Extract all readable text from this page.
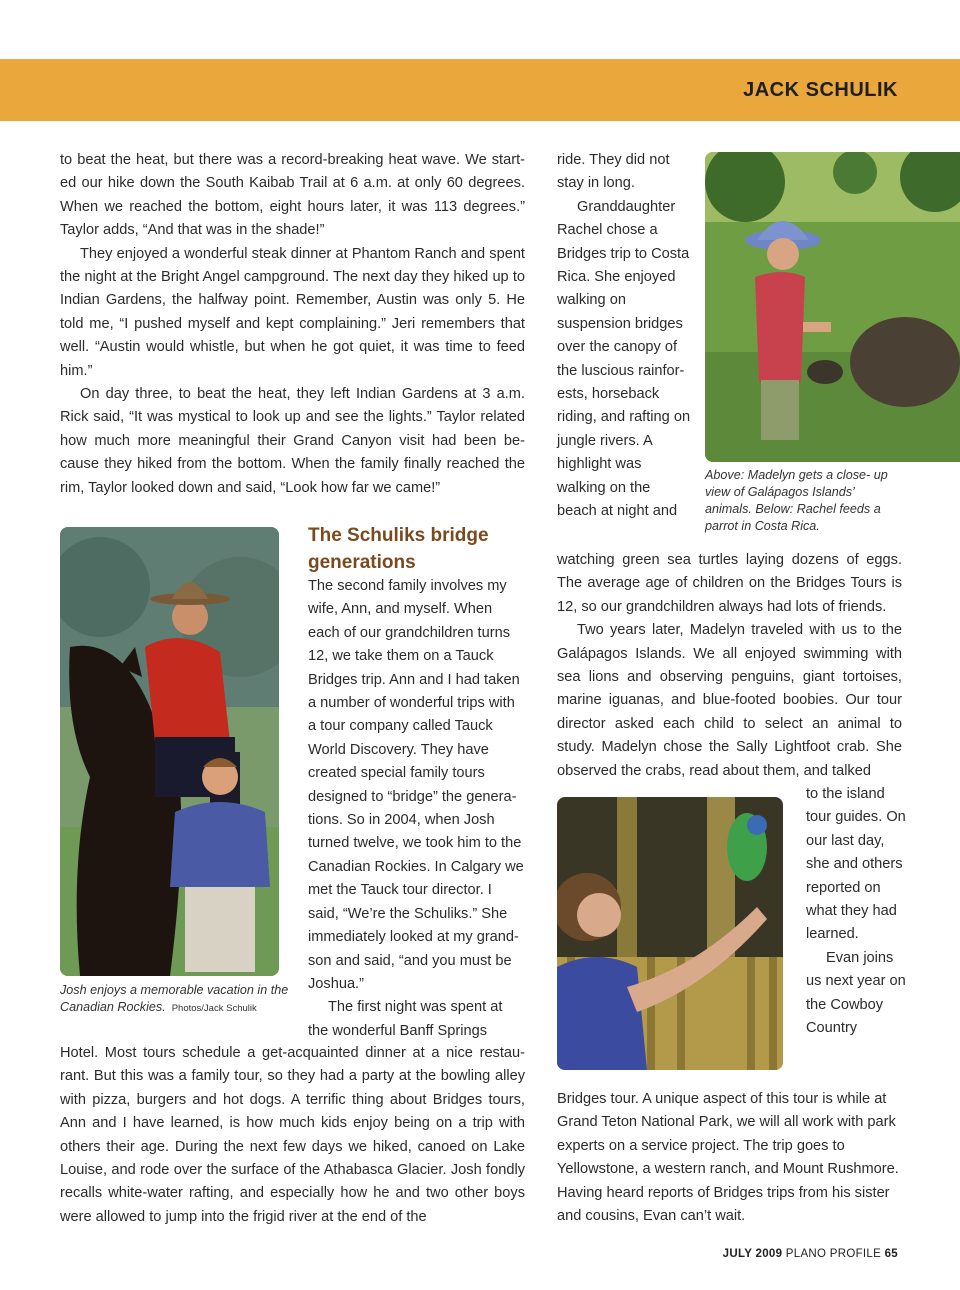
JACK SCHULIK

to beat the heat, but there was a record-breaking heat wave. We start- ed our hike down the South Kaibab Trail at 6 a.m. at only 60 degrees. When we reached the bottom, eight hours later, it was 113 degrees.” Taylor adds, “And that was in the shade!”

They enjoyed a wonderful steak dinner at Phantom Ranch and spent the night at the Bright Angel campground. The next day they hiked up to Indian Gardens, the halfway point. Remember, Austin was only 5. He told me, “I pushed myself and kept complaining.” Jeri remembers that well. “Austin would whistle, but when he got quiet, it was time to feed him.”

On day three, to beat the heat, they left Indian Gardens at 3 a.m. Rick said, “It was mystical to look up and see the lights.” Taylor related how much more meaningful their Grand Canyon visit had been be- cause they hiked from the bottom. When the family finally reached the rim, Taylor looked down and said, “Look how far we came!”

Josh enjoys a memorable vacation in the Canadian Rockies. Photos/Jack Schulik
The Schuliks bridge generations

The second family involves my wife, Ann, and myself. When each of our grandchildren turns 12, we take them on a Tauck Bridges trip. Ann and I had taken a number of wonderful trips with a tour company called Tauck World Discovery. They have created special family tours designed to “bridge” the genera- tions. So in 2004, when Josh turned twelve, we took him to the Canadian Rockies. In Calgary we met the Tauck tour director. I said, “We’re the Schuliks.” She immediately looked at my grand- son and said, “and you must be Joshua.”

The first night was spent at the wonderful Banff Springs

Hotel. Most tours schedule a get-acquainted dinner at a nice restau- rant. But this was a family tour, so they had a party at the bowling alley with pizza, burgers and hot dogs. A terrific thing about Bridges tours, Ann and I have learned, is how much kids enjoy being on a trip with others their age. During the next few days we hiked, canoed on Lake Louise, and rode over the surface of the Athabasca Glacier. Josh fondly recalls white-water rafting, and especially how he and two other boys were allowed to jump into the frigid river at the end of the

ride. They did not stay in long.

Granddaughter Rachel chose a Bridges trip to Costa Rica. She enjoyed walking on suspension bridges over the canopy of the luscious rainfor- ests, horseback riding, and rafting on jungle rivers. A highlight was walking on the beach at night and

Above: Madelyn gets a close- up view of Galápagos Islands’ animals. Below: Rachel feeds a parrot in Costa Rica.

watching green sea turtles laying dozens of eggs. The average age of children on the Bridges Tours is 12, so our grandchildren always had lots of friends.

Two years later, Madelyn traveled with us to the Galápagos Islands. We all enjoyed swimming with sea lions and observing penguins, giant tortoises, marine iguanas, and blue-footed boobies. Our tour director asked each child to select an animal to study. Madelyn chose the Sally Lightfoot crab. She observed the crabs, read about them, and talked

to the island tour guides. On our last day, she and others reported on what they had learned.

Evan joins us next year on the Cowboy Country

Bridges tour. A unique aspect of this tour is while at Grand Teton National Park, we will all work with park experts on a service project. The trip goes to Yellowstone, a western ranch, and Mount Rushmore. Having heard reports of Bridges trips from his sister and cousins, Evan can’t wait.

JULY 2009 PLANO PROFILE 65
